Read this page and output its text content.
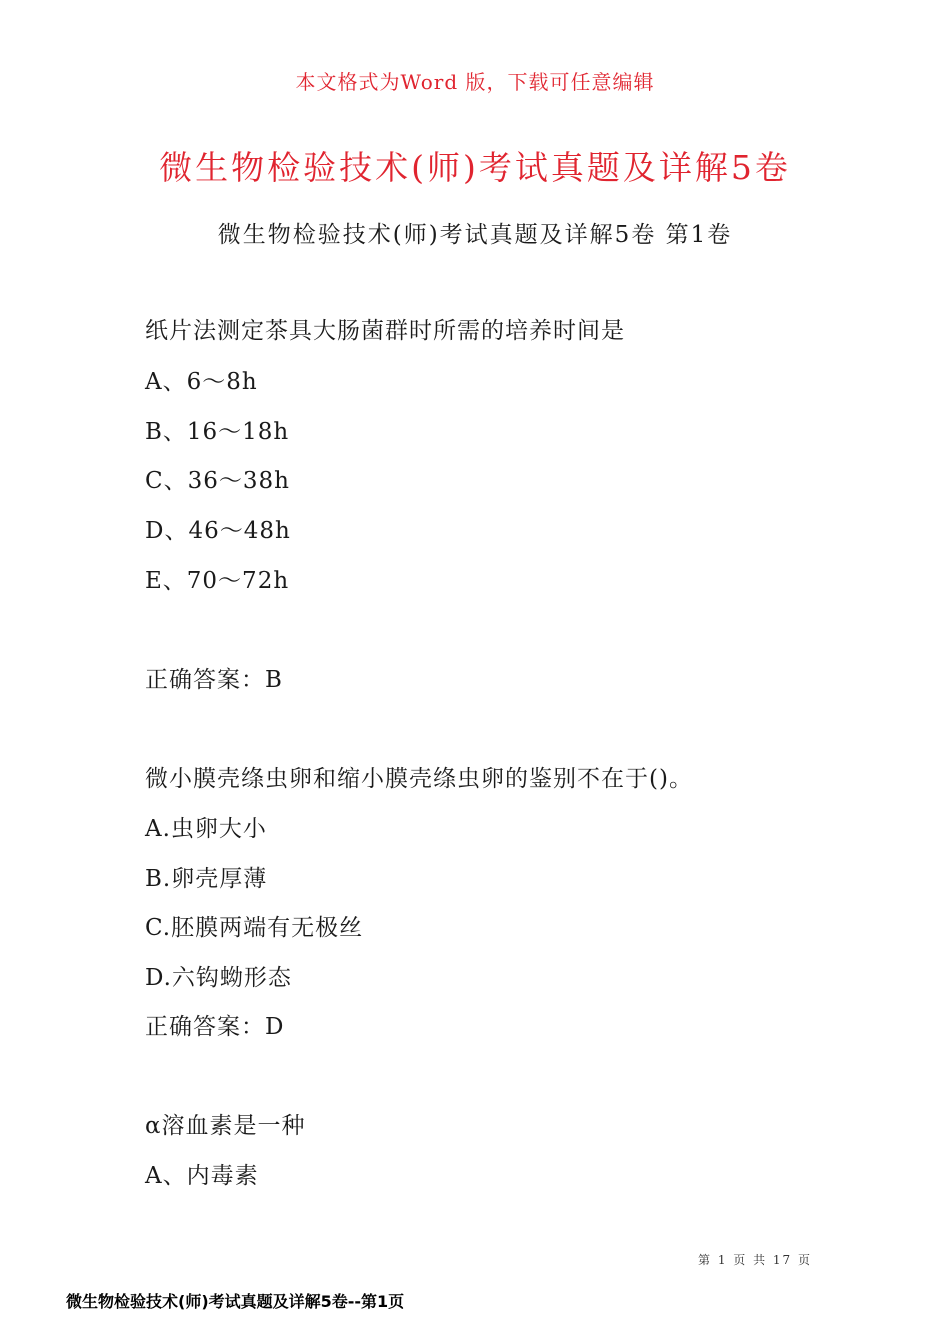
本文格式为Word 版，下载可任意编辑
微生物检验技术(师)考试真题及详解5卷
微生物检验技术(师)考试真题及详解5卷 第1卷
纸片法测定茶具大肠菌群时所需的培养时间是
A、6～8h
B、16～18h
C、36～38h
D、46～48h
E、70～72h
正确答案：B
微小膜壳绦虫卵和缩小膜壳绦虫卵的鉴别不在于()。
A.虫卵大小
B.卵壳厚薄
C.胚膜两端有无极丝
D.六钩蚴形态
正确答案：D
α溶血素是一种
A、内毒素
第 1 页 共 17 页
微生物检验技术(师)考试真题及详解5卷--第1页
